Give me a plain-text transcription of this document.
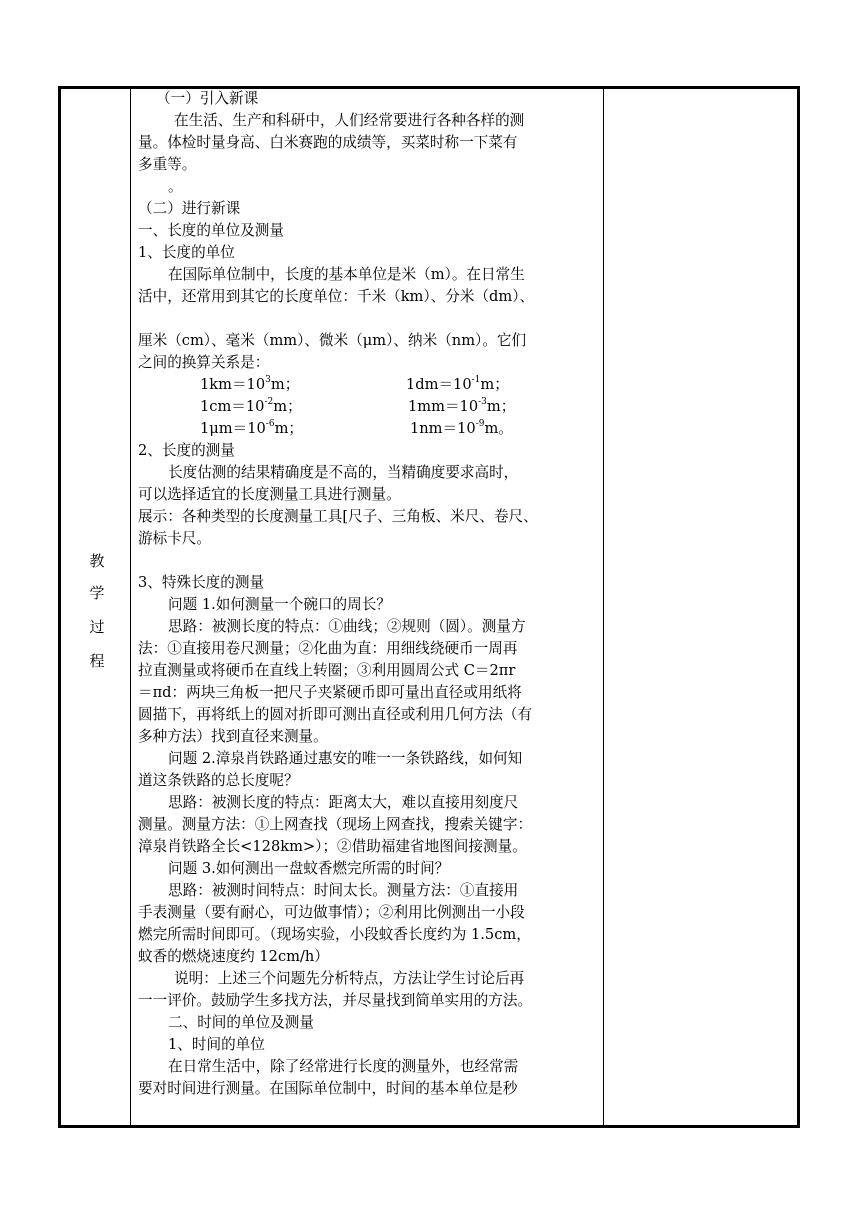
教
学
过
程
（一）引入新课
在生活、生产和科研中，人们经常要进行各种各样的测
量。体检时量身高、白米赛跑的成绩等，买菜时称一下菜有
多重等。
。
（二）进行新课
一、长度的单位及测量
1、长度的单位
在国际单位制中，长度的基本单位是米（m）。在日常生
活中，还常用到其它的长度单位：千米（km）、分米（dm）、
厘米（cm）、毫米（mm）、微米（μm）、纳米（nm）。它们
之间的换算关系是：
$1km=10^3m$；	$1dm=10^{-1}m$；
$1cm=10^{-2}m$；	$1mm=10^{-3}m$；
$1\mu m=10^{-6}m$；	$1nm=10^{-9}m$。
2、长度的测量
长度估测的结果精确度是不高的，当精确度要求高时，
可以选择适宜的长度测量工具进行测量。
展示：各种类型的长度测量工具[尺子、三角板、米尺、卷尺、
游标卡尺。
3、特殊长度的测量
问题 1.如何测量一个碗口的周长？
思路：被测长度的特点：①曲线；②规则（圆）。测量方
法：①直接用卷尺测量；②化曲为直：用细线绕硬币一周再
拉直测量或将硬币在直线上转圈；③利用圆周公式 C＝2πr
＝πd：两块三角板一把尺子夹紧硬币即可量出直径或用纸将
圆描下，再将纸上的圆对折即可测出直径或利用几何方法（有
多种方法）找到直径来测量。
问题 2.漳泉肖铁路通过惠安的唯一一条铁路线，如何知
道这条铁路的总长度呢？
思路：被测长度的特点：距离太大，难以直接用刻度尺
测量。测量方法：①上网查找（现场上网查找，搜索关键字：
漳泉肖铁路全长<128km>）；②借助福建省地图间接测量。
问题 3.如何测出一盘蚊香燃完所需的时间？
思路：被测时间特点：时间太长。测量方法：①直接用
手表测量（要有耐心，可边做事情）；②利用比例测出一小段
燃完所需时间即可。（现场实验，小段蚊香长度约为 1.5cm，
蚊香的燃烧速度约 12cm/h）
说明：上述三个问题先分析特点，方法让学生讨论后再
一一评价。鼓励学生多找方法，并尽量找到简单实用的方法。
二、时间的单位及测量
1、时间的单位
在日常生活中，除了经常进行长度的测量外，也经常需
要对时间进行测量。在国际单位制中，时间的基本单位是秒
